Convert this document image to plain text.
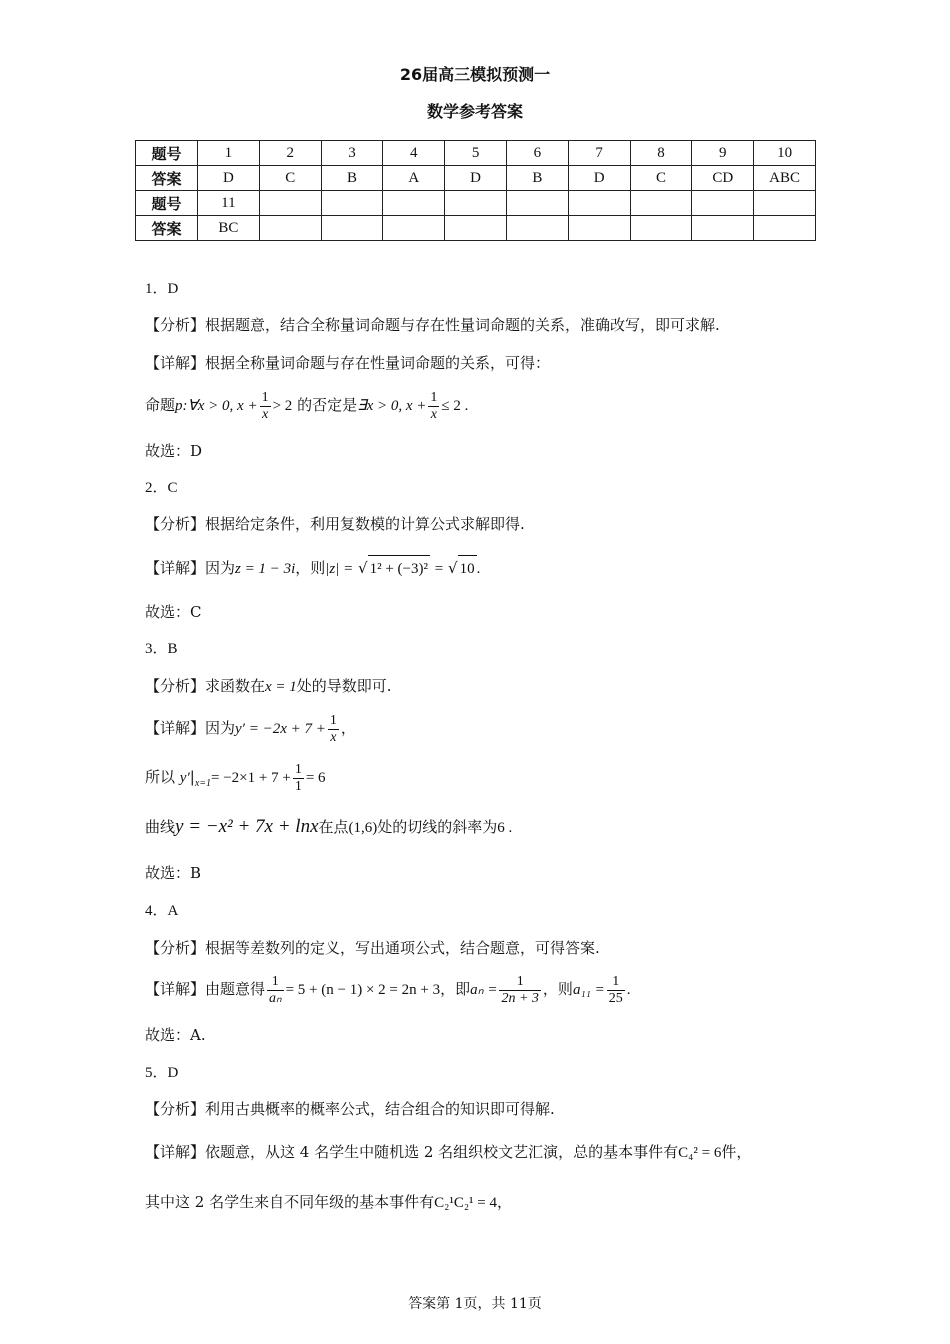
26届高三模拟预测一
数学参考答案
题号	1	2	3	4	5	6	7	8	9	10
答案	D	C	B	A	D	B	D	C	CD	ABC
题号	11									
答案	BC									
1．D
【分析】根据题意，结合全称量词命题与存在性量词命题的关系，准确改写，即可求解.
【详解】根据全称量词命题与存在性量词命题的关系，可得：
命题p:∀x > 0, $x + \frac{1}{x} > 2$ 的否定是∃x > 0, $x + \frac{1}{x} \le 2$ .
故选：D
2．C
【分析】根据给定条件，利用复数模的计算公式求解即得.
【详解】因为z = 1 − 3i，则|z| = √ 1² + (−3)² = √ 10 .
故选：C
3．B
【分析】求函数在x = 1处的导数即可.
【详解】因为$y' = -2x + 7 + \frac{1}{x}$ ，
所以 $y'|_{x=1}= -2\times 1 + 7 + \frac{1}{1} = 6$
曲线y = −x² + 7x + lnx在点(1,6)处的切线的斜率为6 .
故选：B
4．A
【分析】根据等差数列的定义，写出通项公式，结合题意，可得答案.
【详解】由题意得 $\frac{1}{\text{aₙ}} = 5 + (n - 1) \times 2 = 2n + 3$，即$a_n = \frac{1}{2n + 3}$ ，则$a_{11} = \frac{1}{25}$ .
故选：A.
5．D
【分析】利用古典概率的概率公式，结合组合的知识即可得解.
【详解】依题意，从这 4 名学生中随机选 2 名组织校文艺汇演，总的基本事件有C₄² = 6件，
其中这 2 名学生来自不同年级的基本事件有C₂¹C₂¹ = 4，
答案第 1页，共 11页
